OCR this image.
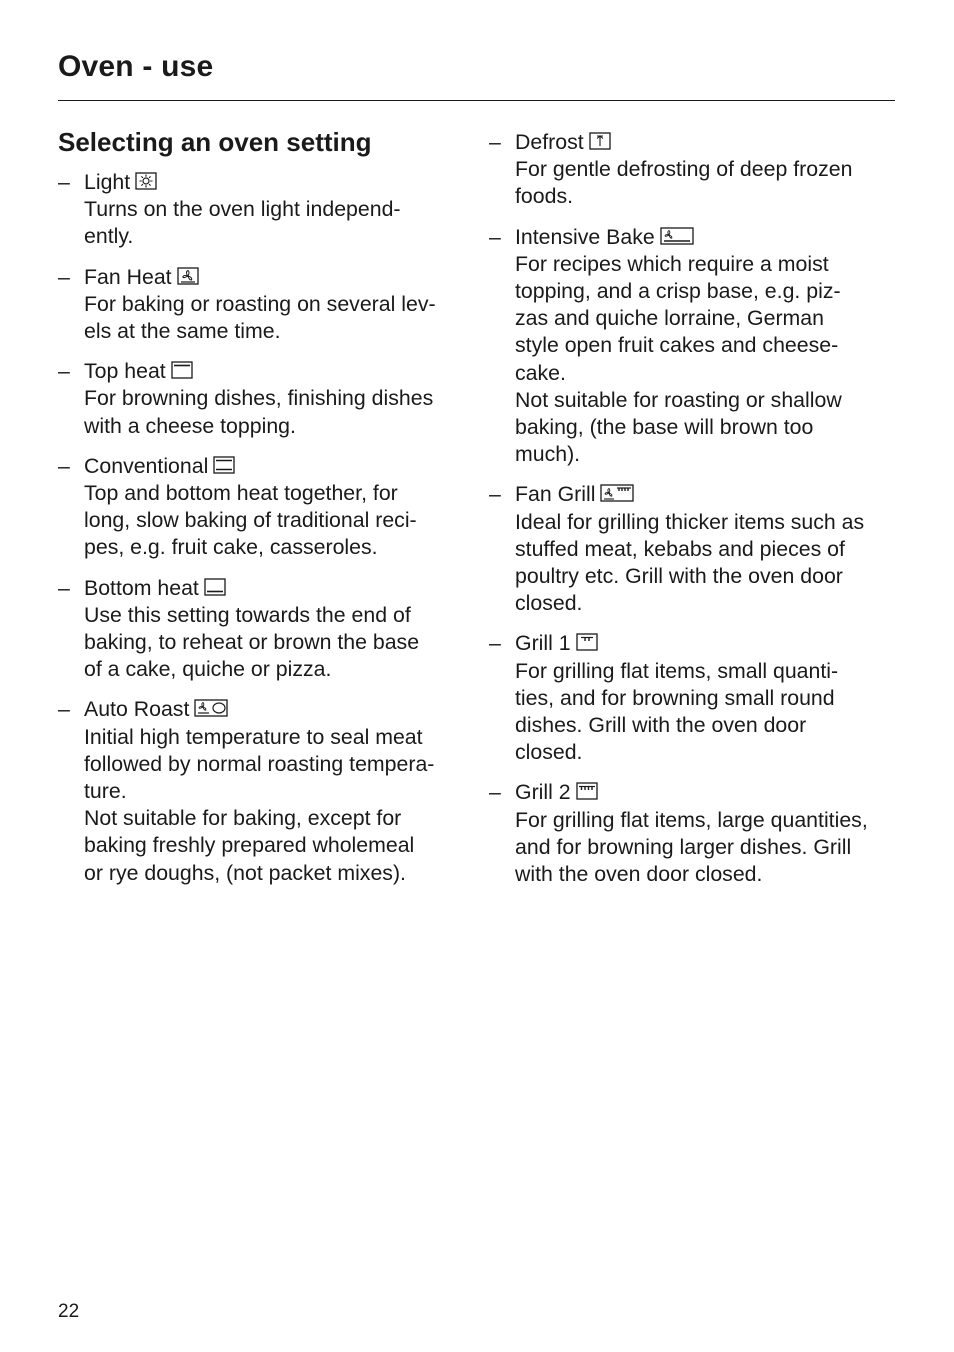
Oven - use
Selecting an oven setting
– Light
Turns on the oven light independ-
ently.
– Fan Heat
For baking or roasting on several lev-
els at the same time.
– Top heat
For browning dishes, finishing dishes
with a cheese topping.
– Conventional
Top and bottom heat together, for
long, slow baking of traditional reci-
pes, e.g. fruit cake, casseroles.
– Bottom heat
Use this setting towards the end of
baking, to reheat or brown the base
of a cake, quiche or pizza.
– Auto Roast
Initial high temperature to seal meat
followed by normal roasting tempera-
ture.
Not suitable for baking, except for
baking freshly prepared wholemeal
or rye doughs, (not packet mixes).
– Defrost
For gentle defrosting of deep frozen
foods.
– Intensive Bake
For recipes which require a moist
topping, and a crisp base, e.g. piz-
zas and quiche lorraine, German
style open fruit cakes and cheese-
cake.
Not suitable for roasting or shallow
baking, (the base will brown too
much).
– Fan Grill
Ideal for grilling thicker items such as
stuffed meat, kebabs and pieces of
poultry etc. Grill with the oven door
closed.
– Grill 1
For grilling flat items, small quanti-
ties, and for browning small round
dishes. Grill with the oven door
closed.
– Grill 2
For grilling flat items, large quantities,
and for browning larger dishes. Grill
with the oven door closed.
22
